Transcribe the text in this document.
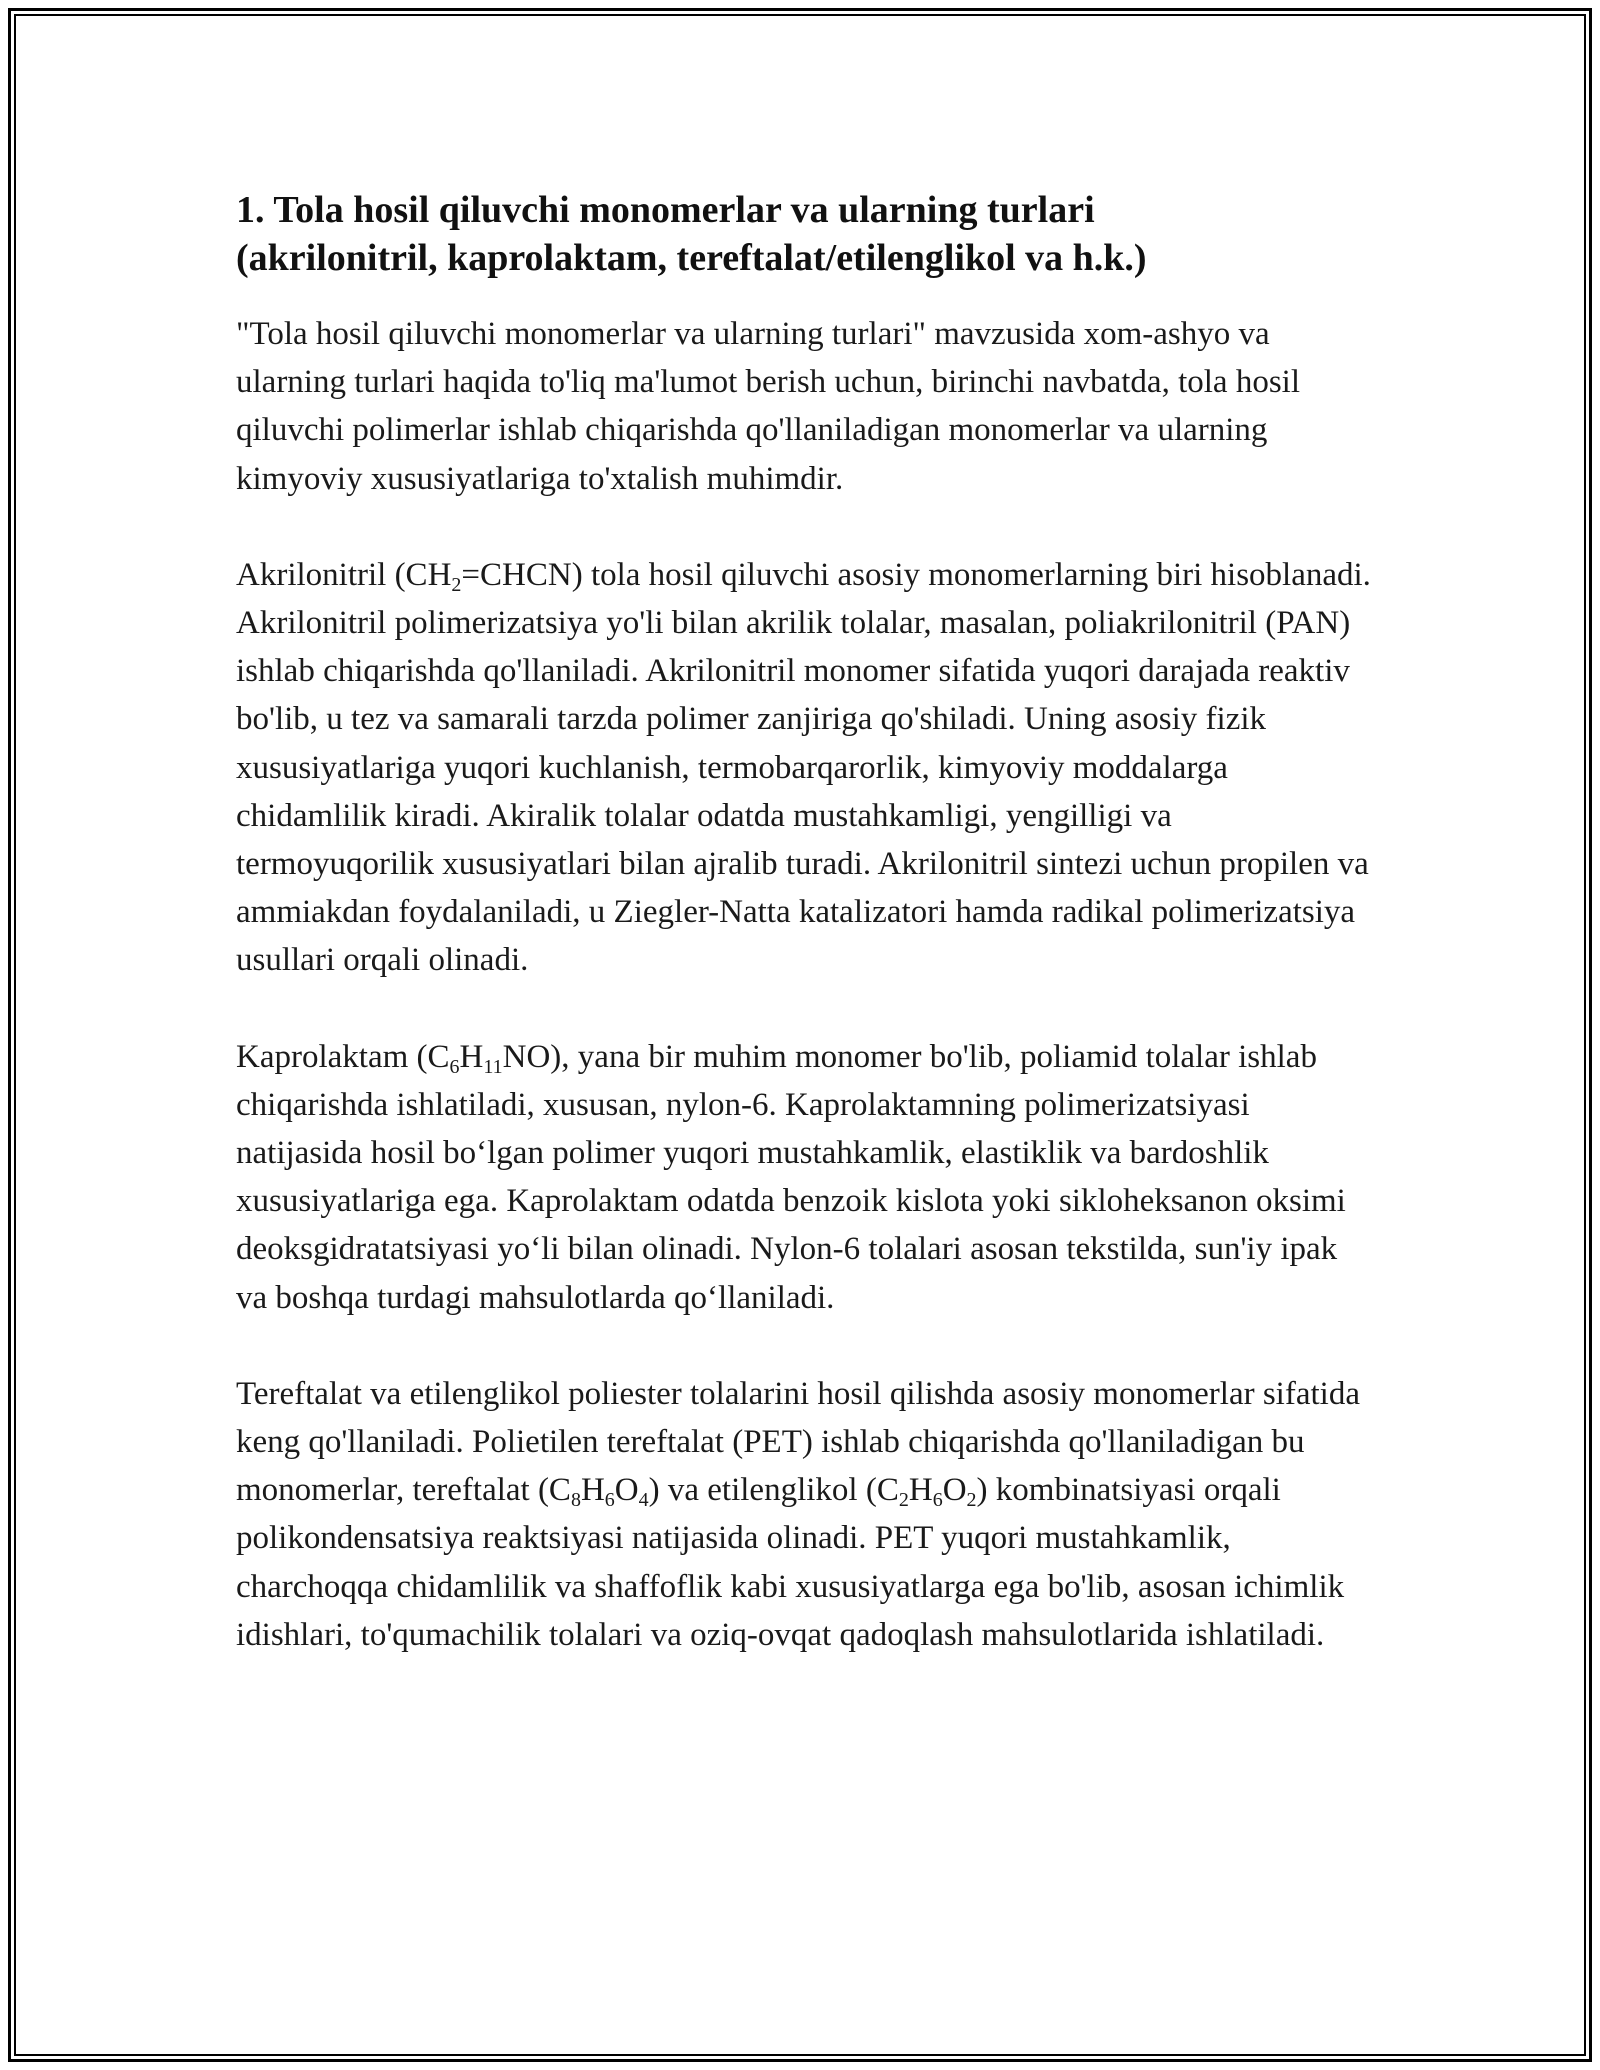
1. Tola hosil qiluvchi monomerlar va ularning turlari
(akrilonitril, kaprolaktam, tereftalat/etilenglikol va h.k.)

"Tola hosil qiluvchi monomerlar va ularning turlari" mavzusida xom-ashyo va ularning turlari haqida to'liq ma'lumot berish uchun, birinchi navbatda, tola hosil qiluvchi polimerlar ishlab chiqarishda qo'llaniladigan monomerlar va ularning kimyoviy xususiyatlariga to'xtalish muhimdir.

Akrilonitril $(CH_2=CHCN)$ tola hosil qiluvchi asosiy monomerlarning biri hisoblanadi. Akrilonitril polimerizatsiya yo'li bilan akrilik tolalar, masalan, poliakrilonitril (PAN) ishlab chiqarishda qo'llaniladi. Akrilonitril monomer sifatida yuqori darajada reaktiv bo'lib, u tez va samarali tarzda polimer zanjiriga qo'shiladi. Uning asosiy fizik xususiyatlariga yuqori kuchlanish, termobarqarorlik, kimyoviy moddalarga chidamlilik kiradi. Akiralik tolalar odatda mustahkamligi, yengilligi va termoyuqorilik xususiyatlari bilan ajralib turadi. Akrilonitril sintezi uchun propilen va ammiakdan foydalaniladi, u Ziegler-Natta katalizatori hamda radikal polimerizatsiya usullari orqali olinadi.

Kaprolaktam $(C_6H_{11}NO)$, yana bir muhim monomer bo'lib, poliamid tolalar ishlab chiqarishda ishlatiladi, xususan, nylon-6. Kaprolaktamning polimerizatsiyasi natijasida hosil bo‘lgan polimer yuqori mustahkamlik, elastiklik va bardoshlik xususiyatlariga ega. Kaprolaktam odatda benzoik kislota yoki sikloheksanon oksimi deoksgidratatsiyasi yo‘li bilan olinadi. Nylon-6 tolalari asosan tekstilda, sun'iy ipak va boshqa turdagi mahsulotlarda qo‘llaniladi.

Tereftalat va etilenglikol poliester tolalarini hosil qilishda asosiy monomerlar sifatida keng qo'llaniladi. Polietilen tereftalat (PET) ishlab chiqarishda qo'llaniladigan bu monomerlar, tereftalat $(C_8H_6O_4)$ va etilenglikol $(C_2H_6O_2)$ kombinatsiyasi orqali polikondensatsiya reaktsiyasi natijasida olinadi. PET yuqori mustahkamlik, charchoqqa chidamlilik va shaffoflik kabi xususiyatlarga ega bo'lib, asosan ichimlik idishlari, to'qumachilik tolalari va oziq-ovqat qadoqlash mahsulotlarida ishlatiladi.
